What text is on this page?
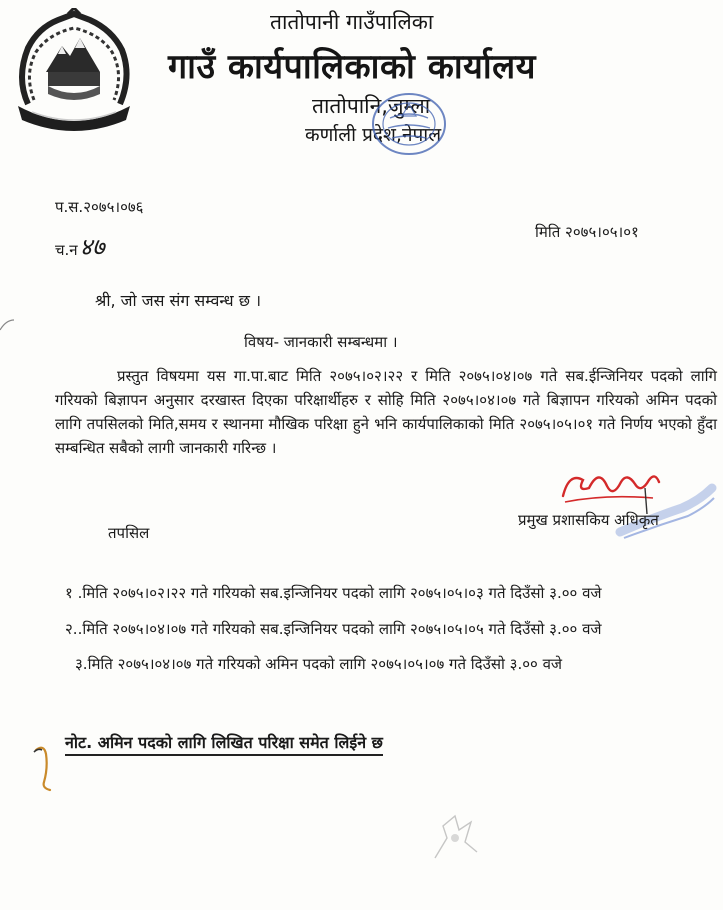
तातोपानी गाउँपालिका
गाउँ कार्यपालिकाको कार्यालय
तातोपानि,जुम्ला
कर्णाली प्रदेश,नेपाल
प.स.२०७५।०७६
च.न४७
मिति २०७५।०५।०१
श्री, जो जस संग सम्वन्ध छ ।
विषय- जानकारी सम्बन्धमा ।
प्रस्तुत विषयमा यस गा.पा.बाट मिति २०७५।०२।२२ र मिति २०७५।०४।०७ गते सब.ईन्जिनियर पदको लागि गरियको बिज्ञापन अनुसार दरखास्त दिएका परिक्षार्थीहरु र सोहि मिति २०७५।०४।०७ गते बिज्ञापन गरियको अमिन पदको लागि तपसिलको मिति,समय र स्थानमा मौखिक परिक्षा हुने भनि कार्यपालिकाको मिति २०७५।०५।०१ गते निर्णय भएको हुँदा सम्बन्धित सबैको लागी जानकारी गरिन्छ ।
प्रमुख प्रशासकिय अधिकृत
तपसिल
१ .मिति २०७५।०२।२२ गते गरियको सब.इन्जिनियर पदको लागि २०७५।०५।०३ गते दिउँसो ३.०० वजे
२..मिति २०७५।०४।०७ गते गरियको सब.इन्जिनियर पदको लागि २०७५।०५।०५ गते दिउँसो ३.०० वजे
३.मिति २०७५।०४।०७ गते गरियको अमिन पदको लागि २०७५।०५।०७ गते दिउँसो ३.०० वजे
नोट. अमिन पदको लागि लिखित परिक्षा समेत लिईने छ
